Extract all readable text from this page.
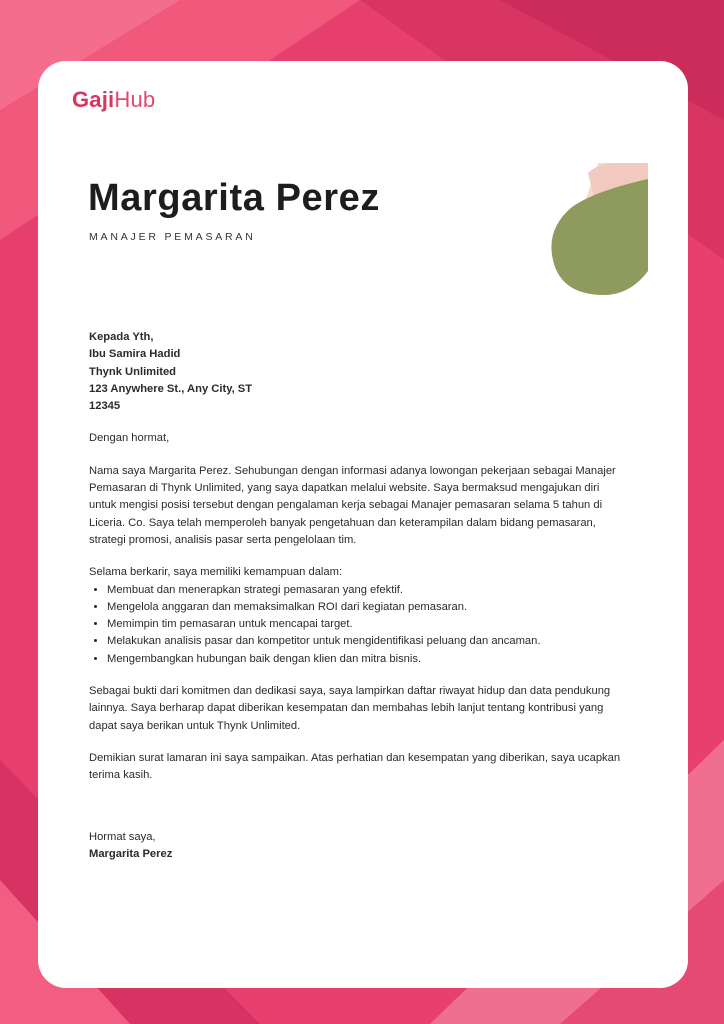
GajiHub
Margarita Perez
MANAJER PEMASARAN
Kepada Yth,
Ibu Samira Hadid
Thynk Unlimited
123 Anywhere St., Any City, ST
12345

Dengan hormat,

Nama saya Margarita Perez. Sehubungan dengan informasi adanya lowongan pekerjaan sebagai Manajer Pemasaran di Thynk Unlimited, yang saya dapatkan melalui website. Saya bermaksud mengajukan diri untuk mengisi posisi tersebut dengan pengalaman kerja sebagai Manajer pemasaran selama 5 tahun di Liceria. Co. Saya telah memperoleh banyak pengetahuan dan keterampilan dalam bidang pemasaran, strategi promosi, analisis pasar serta pengelolaan tim.

Selama berkarir, saya memiliki kemampuan dalam:
• Membuat dan menerapkan strategi pemasaran yang efektif.
• Mengelola anggaran dan memaksimalkan ROI dari kegiatan pemasaran.
• Memimpin tim pemasaran untuk mencapai target.
• Melakukan analisis pasar dan kompetitor untuk mengidentifikasi peluang dan ancaman.
• Mengembangkan hubungan baik dengan klien dan mitra bisnis.

Sebagai bukti dari komitmen dan dedikasi saya, saya lampirkan daftar riwayat hidup dan data pendukung lainnya. Saya berharap dapat diberikan kesempatan dan membahas lebih lanjut tentang kontribusi yang dapat saya berikan untuk Thynk Unlimited.

Demikian surat lamaran ini saya sampaikan. Atas perhatian dan kesempatan yang diberikan, saya ucapkan terima kasih.

Hormat saya,
Margarita Perez
